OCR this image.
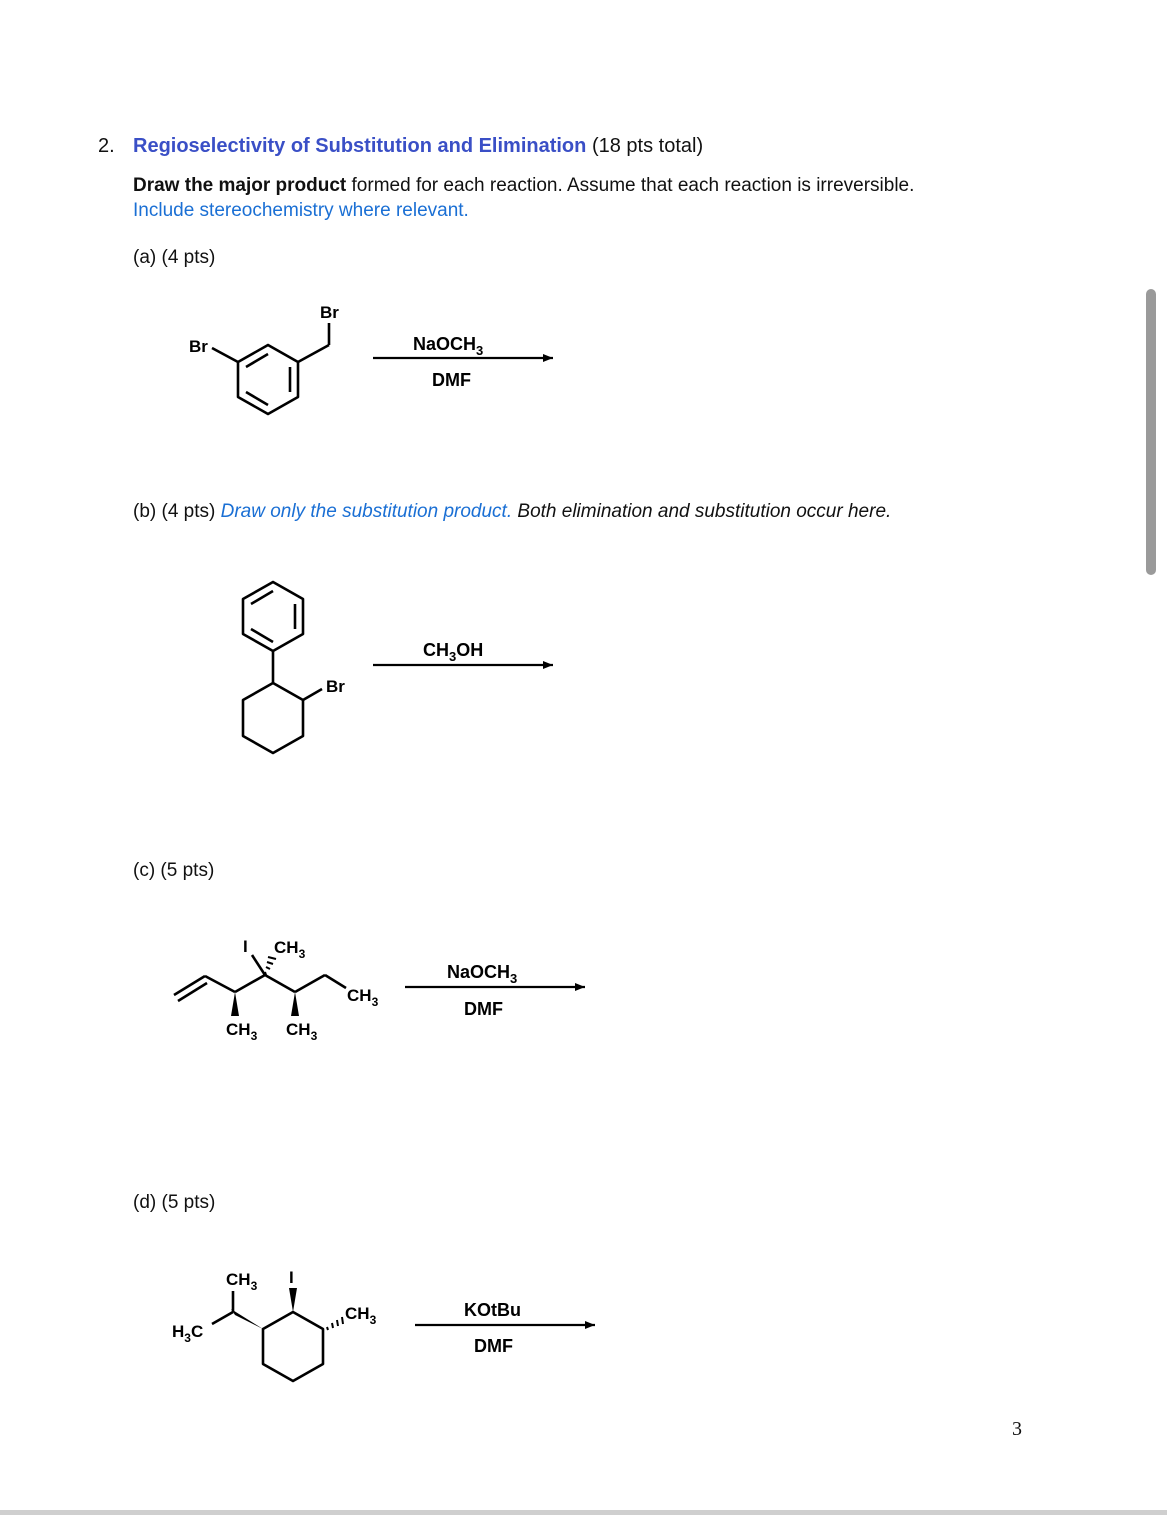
2. Regioselectivity of Substitution and Elimination (18 pts total)
Draw the major product formed for each reaction. Assume that each reaction is irreversible.
Include stereochemistry where relevant.
(a) (4 pts)
(b) (4 pts) Draw only the substitution product. Both elimination and substitution occur here.
(c) (5 pts)
(d) (5 pts)
Br
Br	NaOCH$_3$
DMF
Br
$CH_3OH$
I $CH_3$
$CH_3$
$CH_3$ $CH_3$
NaOCH$_3$
DMF
$CH_3$ I
$H_3C$
$CH_3$	KOtBu
DMF
3
